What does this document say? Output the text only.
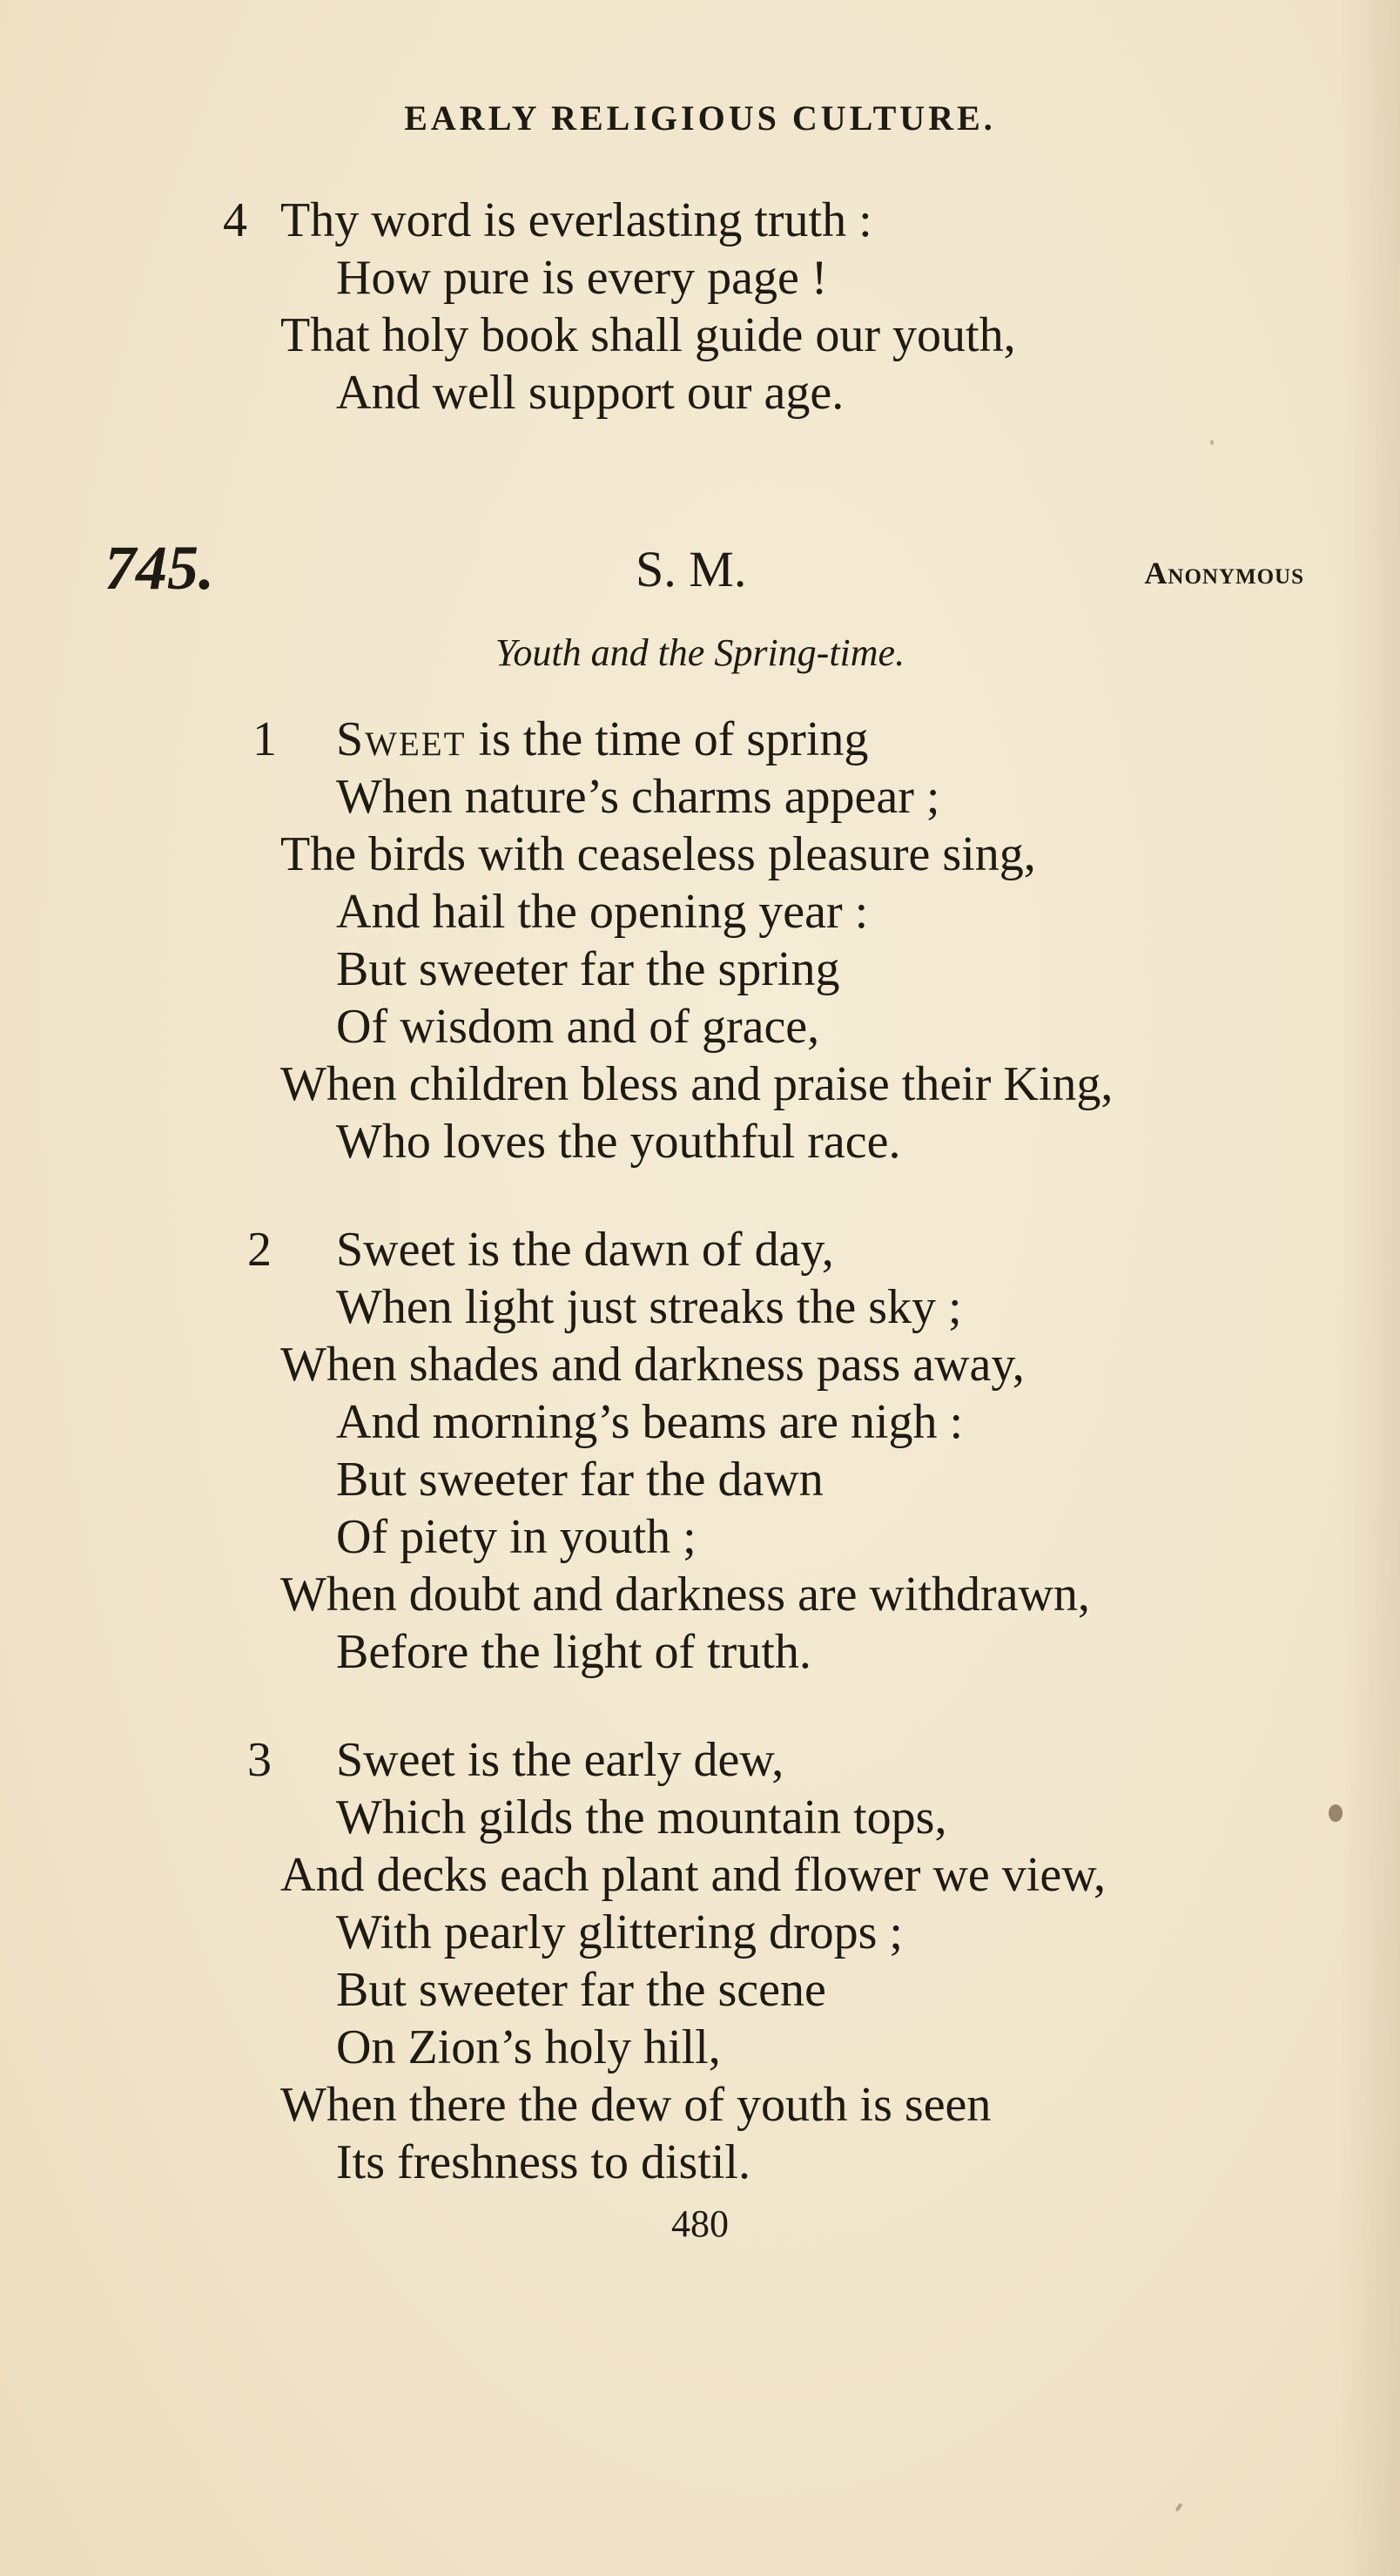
EARLY RELIGIOUS CULTURE.
4 Thy word is everlasting truth :
How pure is every page !
That holy book shall guide our youth,
And well support our age.
745.	S. M.	Anonymous
Youth and the Spring-time.
1 Sweet is the time of spring
When nature’s charms appear ;
The birds with ceaseless pleasure sing,
And hail the opening year :
But sweeter far the spring
Of wisdom and of grace,
When children bless and praise their King,
Who loves the youthful race.
2 Sweet is the dawn of day,
When light just streaks the sky ;
When shades and darkness pass away,
And morning’s beams are nigh :
But sweeter far the dawn
Of piety in youth ;
When doubt and darkness are withdrawn,
Before the light of truth.
3 Sweet is the early dew,
Which gilds the mountain tops,
And decks each plant and flower we view,
With pearly glittering drops ;
But sweeter far the scene
On Zion’s holy hill,
When there the dew of youth is seen
Its freshness to distil.
480
